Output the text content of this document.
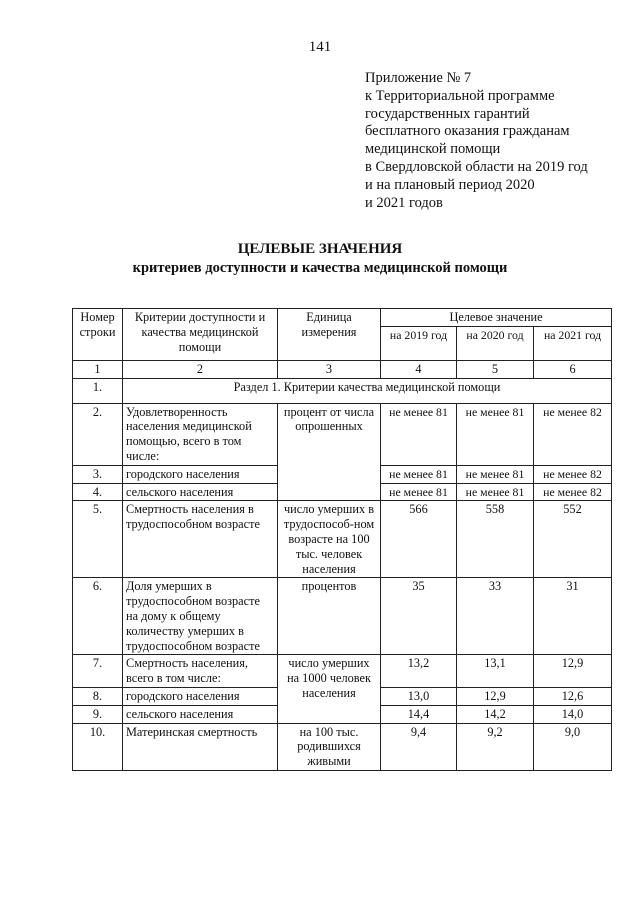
141
Приложение № 7
к Территориальной программе
государственных гарантий
бесплатного оказания гражданам
медицинской помощи
в Свердловской области на 2019 год
и на плановый период 2020
и 2021 годов
ЦЕЛЕВЫЕ ЗНАЧЕНИЯ
критериев доступности и качества медицинской помощи
Номер строки	Критерии доступности и качества медицинской помощи	Единица измерения	Целевое значение		
			на 2019 год	на 2020 год	на 2021 год
1	2	3	4	5	6
1.	Раздел 1. Критерии качества медицинской помощи				
2.	Удовлетворенность населения медицинской помощью, всего в том числе:	процент от числа опрошенных	не менее 81	не менее 81	не менее 82
3.	городского населения		не менее 81	не менее 81	не менее 82
4.	сельского населения		не менее 81	не менее 81	не менее 82
5.	Смертность населения в трудоспособном возрасте	число умерших в трудоспособ-ном возрасте на 100 тыс. человек населения	566	558	552
6.	Доля умерших в трудоспособном возрасте на дому к общему количеству умерших в трудоспособном возрасте	процентов	35	33	31
7.	Смертность населения, всего в том числе:	число умерших на 1000 человек населения	13,2	13,1	12,9
8.	городского населения		13,0	12,9	12,6
9.	сельского населения		14,4	14,2	14,0
10.	Материнская смертность	на 100 тыс. родившихся живыми	9,4	9,2	9,0
